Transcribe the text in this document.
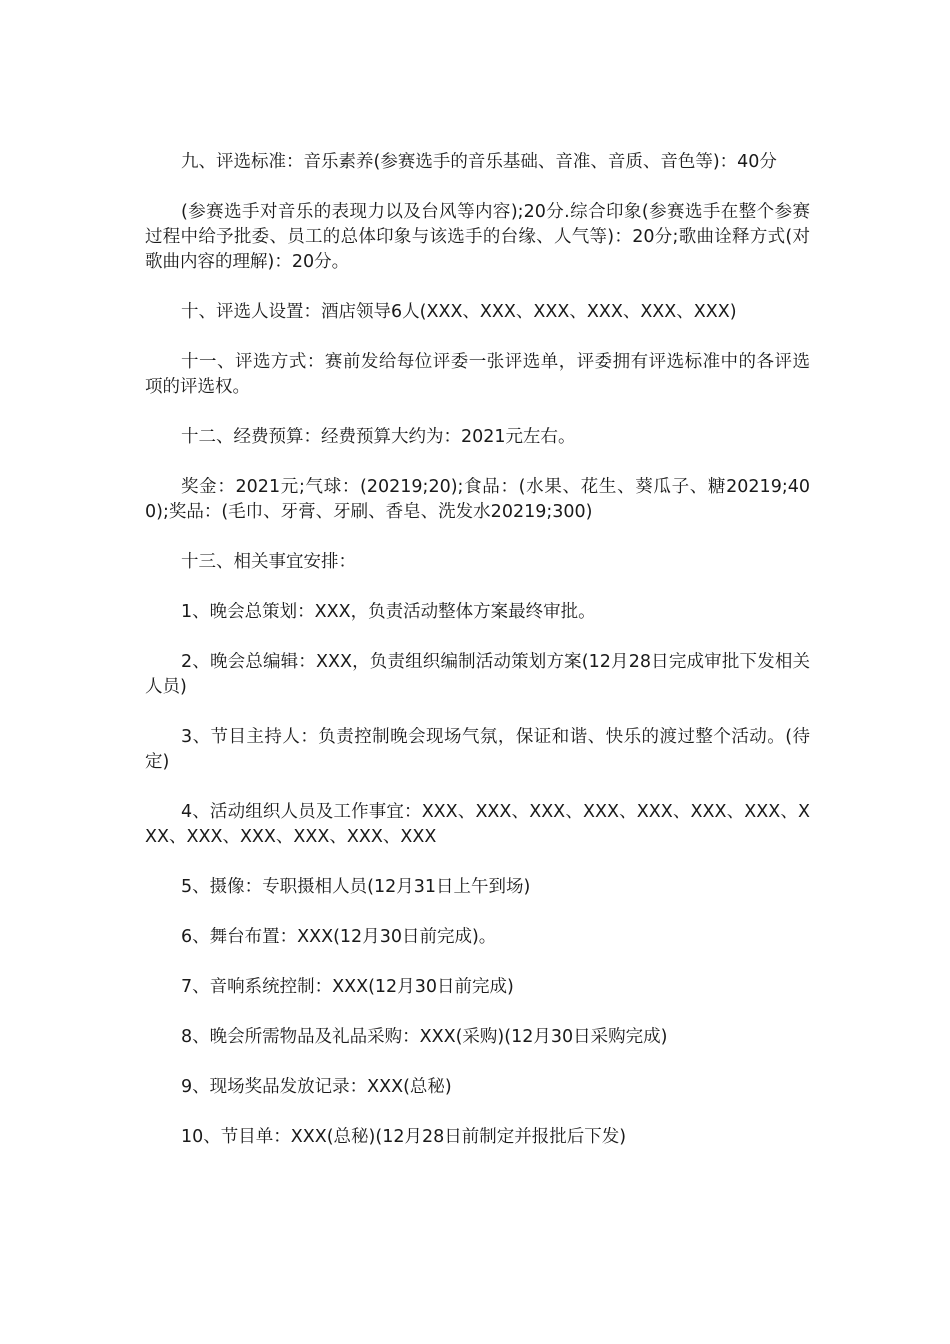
九、评选标准：音乐素养(参赛选手的音乐基础、音准、音质、音色等)：40分

(参赛选手对音乐的表现力以及台风等内容);20分.综合印象(参赛选手在整个参赛过程中给予批委、员工的总体印象与该选手的台缘、人气等)：20分;歌曲诠释方式(对歌曲内容的理解)：20分。

十、评选人设置：酒店领导6人(XXX、XXX、XXX、XXX、XXX、XXX)

十一、评选方式：赛前发给每位评委一张评选单，评委拥有评选标准中的各评选项的评选权。

十二、经费预算：经费预算大约为：2021元左右。

奖金：2021元;气球：(20219;20);食品：(水果、花生、葵瓜子、糖20219;400);奖品：(毛巾、牙膏、牙刷、香皂、洗发水20219;300)

十三、相关事宜安排：

1、晚会总策划：XXX，负责活动整体方案最终审批。

2、晚会总编辑：XXX，负责组织编制活动策划方案(12月28日完成审批下发相关人员)

3、节目主持人：负责控制晚会现场气氛，保证和谐、快乐的渡过整个活动。(待定)

4、活动组织人员及工作事宜：XXX、XXX、XXX、XXX、XXX、XXX、XXX、XXX、XXX、XXX、XXX、XXX、XXX

5、摄像：专职摄相人员(12月31日上午到场)

6、舞台布置：XXX(12月30日前完成)。

7、音响系统控制：XXX(12月30日前完成)

8、晚会所需物品及礼品采购：XXX(采购)(12月30日采购完成)

9、现场奖品发放记录：XXX(总秘)

10、节目单：XXX(总秘)(12月28日前制定并报批后下发)
